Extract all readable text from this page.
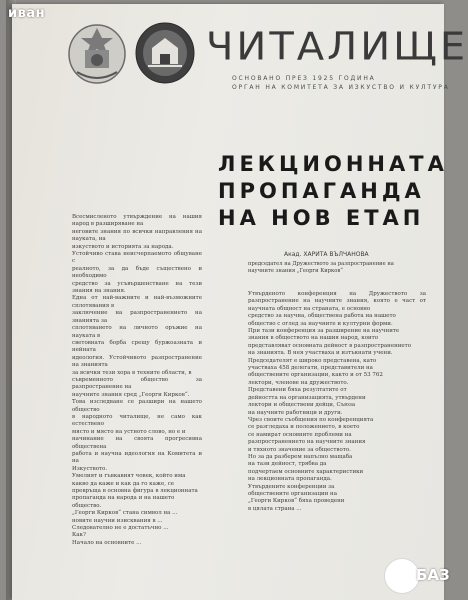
ЧИТАЛИЩЕ
ОСНОВАНО ПРЕЗ 1925 ГОДИНА
ОРГАН НА КОМИТЕТА ЗА ИЗКУСТВО И КУЛТУРА
ЛЕКЦИОННАТА
ПРОПАГАНДА
НА НОВ ЕТАП
Акад. ХАРИТА ВЪЛЧАНОВА
председател на Дружеството за разпространение на научните знания „Георги Кирков“

Всесмисленото утвърждение на нашия народ в разширяване на

неговите знания по всички направления на науката, на

изкуството и историята за народа.

Устойчиво става неисчерпаемото общуване с

реалното, за да бъде съществено и необходимо

средство за усъвършенстване на тези знания на знания.

Една от най-важните и най-възможните сплотявания в

заключение на разпространението на знанията за

сплотяването на личното оръжие на науката в

световната борба срещу буржоазната и нейната

идеология. Устойчивото разпространение на знанията

за всички тези хора в техните области, в

съвременното общество за разпространение на

научните знания сред „Георги Кирков“.

Това изследване се разшири на нашето общество

в народното читалище, не само как естествено

място и място на устното слово, но е и

начинание на своята прогресивна обществена

работа и научна идеология на Комитета и на

Изкуството.

Умелият и гъвкавият човек, който има

какво да каже и как да го каже, се

превръща в основна фигура в лекционната

пропаганда на народа и на нашето

общество.

„Георги Кирков“ стана символ на ...

новите научни изисквания в ...

Следователно не е достатъчно ...

Как?

Начало на основните ...

Утвърденото конференция на Дружеството за разпространение на научните знания, която е част от научната общност на страната, е основно

средство за научна, обществена работа на нашето

общество с оглед за научните и културни форми.

При тази конференция за разширение на научните

знания в обществото на нашия народ, които

представляват основната дейност в разпространението

на знанията. В нея участваха и изтъкнати учени.

Председателят е широко представена, като

участваха 458 делегати, представители на

обществените организации, както и от 53 762

лектори, членове на дружеството.

Представени бяха резултатите от

дейността на организацията, утвърдени

лектори и обществени дейци, Съюза

на научните работници и други.

Чрез своите съобщения по конференцията

се разгледаха и положението, в което

се намират основните проблеми на

разпространението на научните знания

и тяхното значение за обществото.

Но за да разберем напълно мащаба

на тази дейност, трябва да

подчертаем основните характеристики

на лекционната пропаганда.

Утвърдените конференции за

обществените организации на

„Георги Кирков“ бяха проведени

в цялата страна ...

иван
БАЗ
